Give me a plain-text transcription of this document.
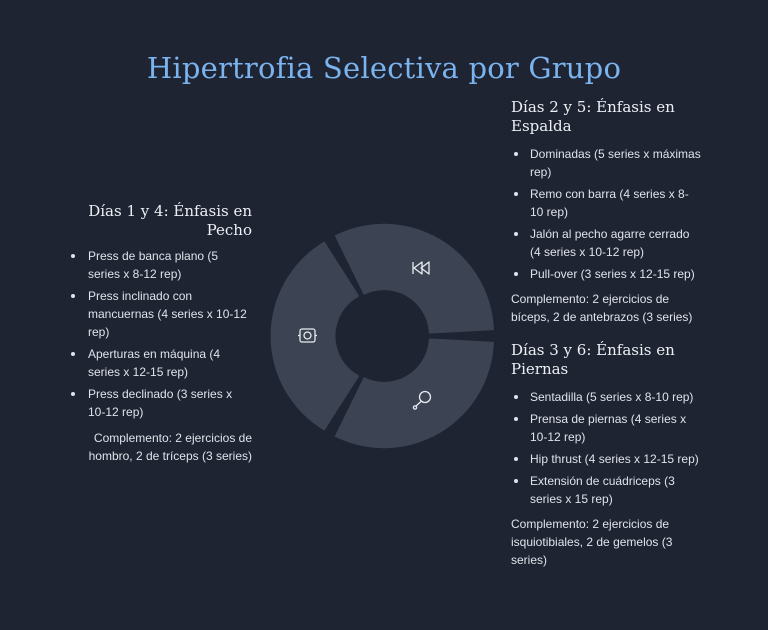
Hipertrofia Selectiva por Grupo
Días 1 y 4: Énfasis en Pecho
Press de banca plano (5 series x 8-12 rep)
Press inclinado con mancuernas (4 series x 10-12 rep)
Aperturas en máquina (4 series x 12-15 rep)
Press declinado (3 series x 10-12 rep)
Complemento: 2 ejercicios de hombro, 2 de tríceps (3 series)
Días 2 y 5: Énfasis en Espalda
Dominadas (5 series x máximas rep)
Remo con barra (4 series x 8-10 rep)
Jalón al pecho agarre cerrado (4 series x 10-12 rep)
Pull-over (3 series x 12-15 rep)
Complemento: 2 ejercicios de bíceps, 2 de antebrazos (3 series)
Días 3 y 6: Énfasis en Piernas
Sentadilla (5 series x 8-10 rep)
Prensa de piernas (4 series x 10-12 rep)
Hip thrust (4 series x 12-15 rep)
Extensión de cuádriceps (3 series x 15 rep)
Complemento: 2 ejercicios de isquiotibiales, 2 de gemelos (3 series)
